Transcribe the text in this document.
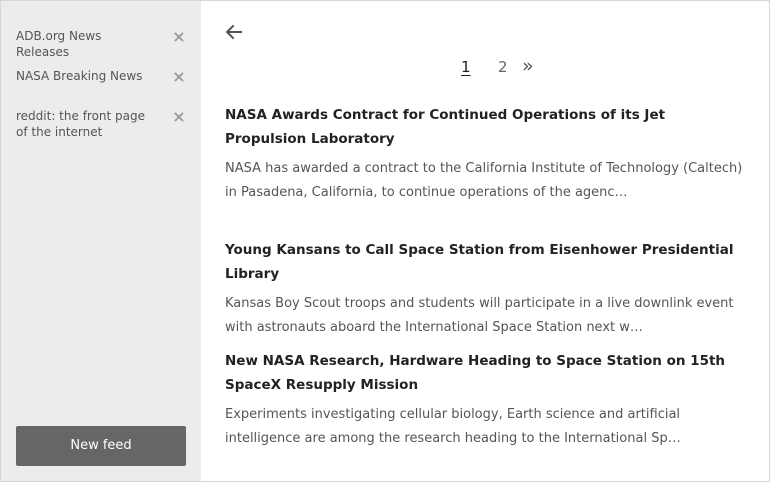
ADB.org News Releases
×
NASA Breaking News	×
reddit: the front page of the internet
×
New feed
1 2 »
NASA Awards Contract for Continued Operations of its Jet Propulsion Laboratory
NASA has awarded a contract to the California Institute of Technology (Caltech) in Pasadena, California, to continue operations of the agenc…
Young Kansans to Call Space Station from Eisenhower Presidential Library
Kansas Boy Scout troops and students will participate in a live downlink event with astronauts aboard the International Space Station next w…
New NASA Research, Hardware Heading to Space Station on 15th SpaceX Resupply Mission
Experiments investigating cellular biology, Earth science and artificial intelligence are among the research heading to the International Sp…
